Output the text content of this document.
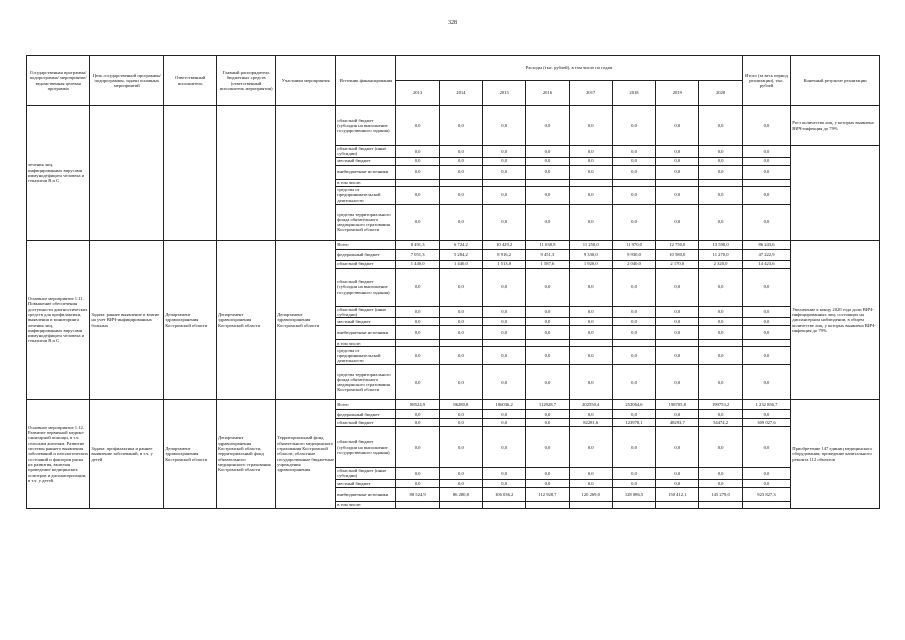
328
Государственная программа/подпрограмма/ мероприятие/ ведомственная целевая программа	Цель государственной программы/подпрограммы, задачи основных мероприятий	Ответственный исполнитель	Главный распорядитель бюджетных средств (ответственный исполнитель мероприятия)	Участники мероприятия	Источник финансирования	Расходы (тыс. рублей), в том числе по годам								Итого (за весь период реализации), тыс. рублей	Конечный результат реализации
						2013	2014	2015	2016	2017	2018	2019	2020		
лечения лиц, инфицированных вирусами иммунодефицита человека и гепатитов В и С					областной бюджет (субсидии на выполнение государственного задания)	0,0	0,0	0,0	0,0	0,0	0,0	0,0	0,0	0,0	Рост количества лиц, у которых выявлена ВИЧ-инфекция до 79%
					областной бюджет (иные субсидии)	0,0	0,0	0,0	0,0	0,0	0,0	0,0	0,0	0,0	
					местный бюджет	0,0	0,0	0,0	0,0	0,0	0,0	0,0	0,0	0,0	
					внебюджетные источники	0,0	0,0	0,0	0,0	0,0	0,0	0,0	0,0	0,0	
					в том числе:										
					средства от предпринимательской деятельности	0,0	0,0	0,0	0,0	0,0	0,0	0,0	0,0	0,0	
					средства территориального фонда обязательного медицинского страхования Костромской области	0,0	0,0	0,0	0,0	0,0	0,0	0,0	0,0	0,0	
Основное мероприятие 1.11. Повышение обеспечения доступности диагностических средств для профилактики, выявления и мониторинга лечения лиц, инфицированных вирусами иммунодефицита человека и гепатитов В и С	Задача: раннее выявление и взятие на учет ВИЧ-инфицированных больных	Департамент здравоохранения Костромской области	Департамент здравоохранения Костромской области	Департамент здравоохранения Костромской области	Всего	8 491,3	6 724,2	10 429,2	11 038,9	11 250,0	11 970,0	12 750,0	13 590,0	86 243,6	Увеличение к концу 2020 года доли ВИЧ-инфицированных лиц, состоящих на диспансерном наблюдении, в общем количестве лиц, у которых выявлена ВИЧ-инфекция до 79%
					федеральный бюджет	7 051,3	5 284,2	8 916,2	9 451,3	9 330,0	9 930,0	10 580,0	11 270,0	47 222,9	
					областной бюджет	1 440,0	1 440,0	1 513,0	1 587,6	1 920,0	2 040,0	2 170,0	2 320,0	14 423,6	
					областной бюджет (субсидии на выполнение государственного задания)	0,0	0,0	0,0	0,0	0,0	0,0	0,0	0,0	0,0	
					областной бюджет (иные субсидии)	0,0	0,0	0,0	0,0	0,0	0,0	0,0	0,0	0,0	
					местный бюджет	0,0	0,0	0,0	0,0	0,0	0,0	0,0	0,0	0,0	
					внебюджетные источники	0,0	0,0	0,0	0,0	0,0	0,0	0,0	0,0	0,0	
					в том числе:										
					средства от предпринимательской деятельности	0,0	0,0	0,0	0,0	0,0	0,0	0,0	0,0	0,0	
					средства территориального фонда обязательного медицинского страхования Костромской области	0,0	0,0	0,0	0,0	0,0	0,0	0,0	0,0	0,0	
Основное мероприятие 1.12. Развитие первичной медико-санитарной помощи, в т.ч. сельским жителям. Развитие системы раннего выявления заболеваний и патологических состояний и факторов риска их развития, включая проведение медицинских осмотров и диспансеризации, в т.ч. у детей	Задача: профилактика и раннее выявление заболеваний, в т.ч. у детей	Департамент здравоохранения Костромской области	Департамент здравоохранения Костромской области, территориальный фонд обязательного медицинского страхования Костромской области	Территориальный фонд обязательного медицинского страхования Костромской области, областные государственные бюджетные учреждения здравоохранения	Всего	88524,9	86280,8	106036,2	112928,7	202550,4	252064,6	198705,8	199753,2	1 232 856,7	Приобретение 147 единиц медицинского оборудования; проведение капитального ремонта 112 объектов
					федеральный бюджет	0,0	0,0	0,0	0,0	0,0	0,0	0,0	0,0	0,0	
					областной бюджет	0,0	0,0	0,0	0,0	82281,6	123978,1	48293,7	54474,2	309 027,6	
					областной бюджет (субсидии на выполнение государственного задания)	0,0	0,0	0,0	0,0	0,0	0,0	0,0	0,0	0,0	
					областной бюджет (иные субсидии)	0,0	0,0	0,0	0,0	0,0	0,0	0,0	0,0	0,0	
					местный бюджет	0,0	0,0	0,0	0,0	0,0	0,0	0,0	0,0	0,0	
					внебюджетные источники	88 524,9	86 280,8	106 036,2	112 928,7	120 269,0	128 086,5	150 412,1	145 279,0	923 827,3	
					в том числе:										
